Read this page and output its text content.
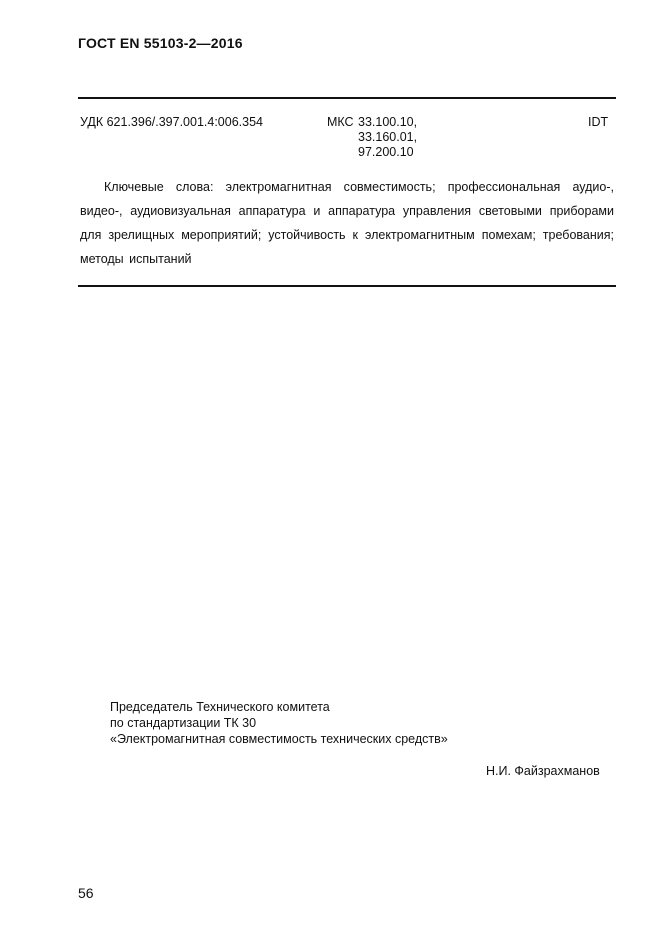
ГОСТ EN 55103-2—2016
УДК 621.396/.397.001.4:006.354	МКС 33.100.10,
33.160.01,
97.200.10
IDT

Ключевые слова: электромагнитная совместимость; профессиональная аудио-, видео-, аудиовизуальная аппаратура и аппаратура управления световыми приборами для зрелищных мероприятий; устойчивость к электромагнитным помехам; требования; методы испытаний

Председатель Технического комитета
по стандартизации ТК 30
«Электромагнитная совместимость технических средств»
Н.И. Файзрахманов
56
